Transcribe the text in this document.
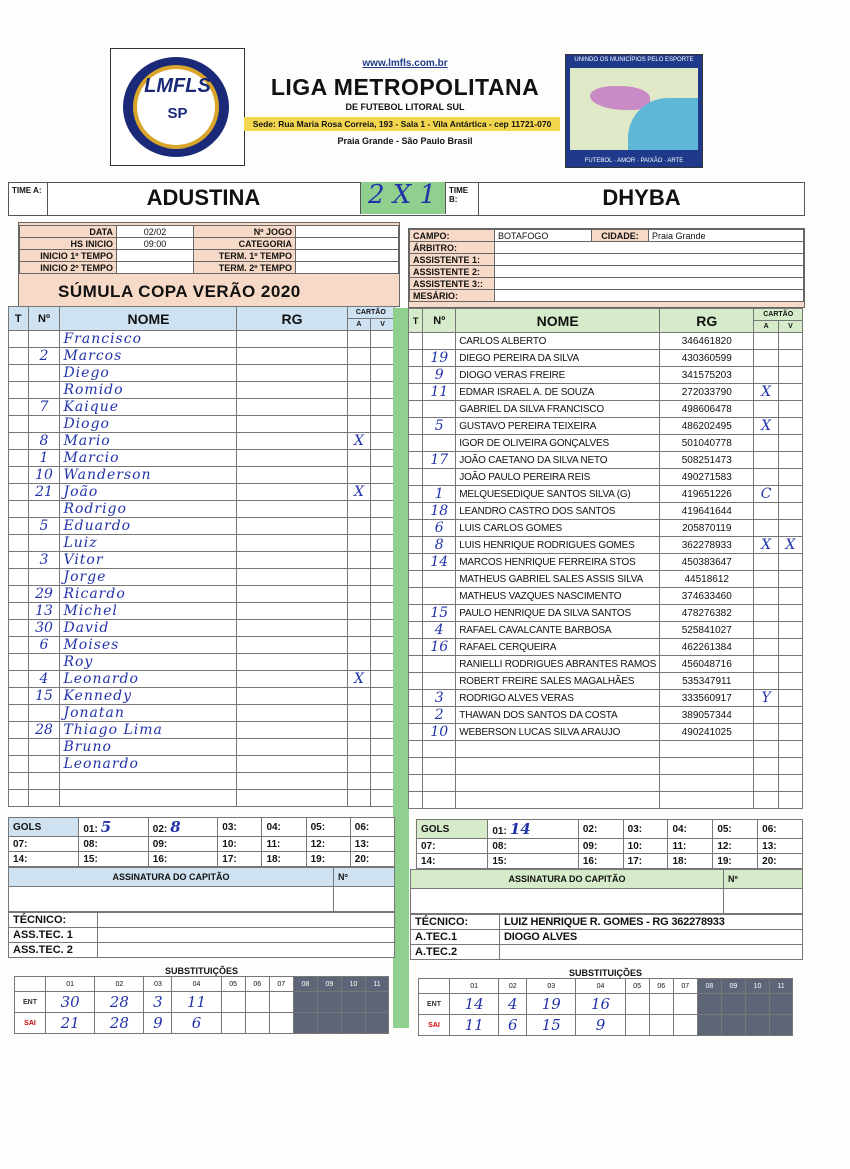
LMFLS
SP
www.lmfls.com.br
LIGA METROPOLITANA
DE FUTEBOL LITORAL SUL
Sede: Rua Maria Rosa Correia, 193 - Sala 1 - Vila Antártica - cep 11721-070
Praia Grande - São Paulo Brasil
UNINDO OS MUNICÍPIOS PELO ESPORTE
FUTEBOL · AMOR · PAIXÃO · ARTE
TIME A:	ADUSTINA	2 X 1	TIME B:	DHYBA
DATA	02/02	Nº JOGO	
HS INICIO	09:00	CATEGORIA	
INICIO 1º TEMPO		TERM. 1º TEMPO	
INICIO 2º TEMPO		TERM. 2º TEMPO	
SÚMULA COPA VERÃO 2020
CAMPO:	BOTAFOGO	CIDADE:	Praia Grande
ÁRBITRO:			
ASSISTENTE 1:			
ASSISTENTE 2:			
ASSISTENTE 3::			
MESÁRIO:			
T	Nº	NOME	RG	CARTÃO	
				A	V
		Francisco			
	2	Marcos			
		Diego			
		Romido			
	7	Kaique			
		Diogo			
	8	Mario		X	
	1	Marcio			
	10	Wanderson			
	21	João		X	
		Rodrigo			
	5	Eduardo			
		Luiz			
	3	Vitor			
		Jorge			
	29	Ricardo			
	13	Michel			
	30	David			
	6	Moises			
		Roy			
	4	Leonardo		X	
	15	Kennedy			
		Jonatan			
	28	Thiago Lima			
		Bruno			
		Leonardo			

T	Nº	NOME	RG	CARTÃO	
				A	V
		CARLOS ALBERTO	346461820		
	19	DIEGO PEREIRA DA SILVA	430360599		
	9	DIOGO VERAS FREIRE	341575203		
	11	EDMAR ISRAEL A. DE SOUZA	272033790	X	
		GABRIEL DA SILVA FRANCISCO	498606478		
	5	GUSTAVO PEREIRA TEIXEIRA	486202495	X	
		IGOR DE OLIVEIRA GONÇALVES	501040778		
	17	JOÃO CAETANO DA SILVA NETO	508251473		
		JOÃO PAULO PEREIRA REIS	490271583		
	1	MELQUESEDIQUE SANTOS SILVA (G)	419651226	C	
	18	LEANDRO CASTRO DOS SANTOS	419641644		
	6	LUIS CARLOS GOMES	205870119		
	8	LUIS HENRIQUE RODRIGUES GOMES	362278933	X	X
	14	MARCOS HENRIQUE FERREIRA STOS	450383647		
		MATHEUS GABRIEL SALES ASSIS SILVA	44518612		
		MATHEUS VAZQUES NASCIMENTO	374633460		
	15	PAULO HENRIQUE DA SILVA SANTOS	478276382		
	4	RAFAEL CAVALCANTE BARBOSA	525841027		
	16	RAFAEL CERQUEIRA	462261384		
		RANIELLI RODRIGUES ABRANTES RAMOS	456048716		
		ROBERT FREIRE SALES MAGALHÃES	535347911		
	3	RODRIGO ALVES VERAS	333560917	Y	
	2	THAWAN DOS SANTOS DA COSTA	389057344		
	10	WEBERSON LUCAS SILVA ARAUJO	490241025		

GOLS	01: 5	02: 8	03:	04:	05:	06:
07:	08:	09:	10:	11:	12:	13:
14:	15:	16:	17:	18:	19:	20:
GOLS	01: 14	02:	03:	04:	05:	06:
07:	08:	09:	10:	11:	12:	13:
14:	15:	16:	17:	18:	19:	20:
ASSINATURA DO CAPITÃO	Nº
		ASSINATURA DO CAPITÃO	Nº

TÉCNICO:	
ASS.TEC. 1	
ASS.TEC. 2	
TÉCNICO:	LUIZ HENRIQUE R. GOMES - RG 362278933
A.TEC.1	DIOGO ALVES
A.TEC.2	
SUBSTITUIÇÕES
	01	02	03	04	05	06	07	08	09	10	11
ENT	30	28	3	11							
SAI	21	28	9	6							
SUBSTITUIÇÕES
	01	02	03	04	05	06	07	08	09	10	11
ENT	14	4	19	16							
SAI	11	6	15	9							
